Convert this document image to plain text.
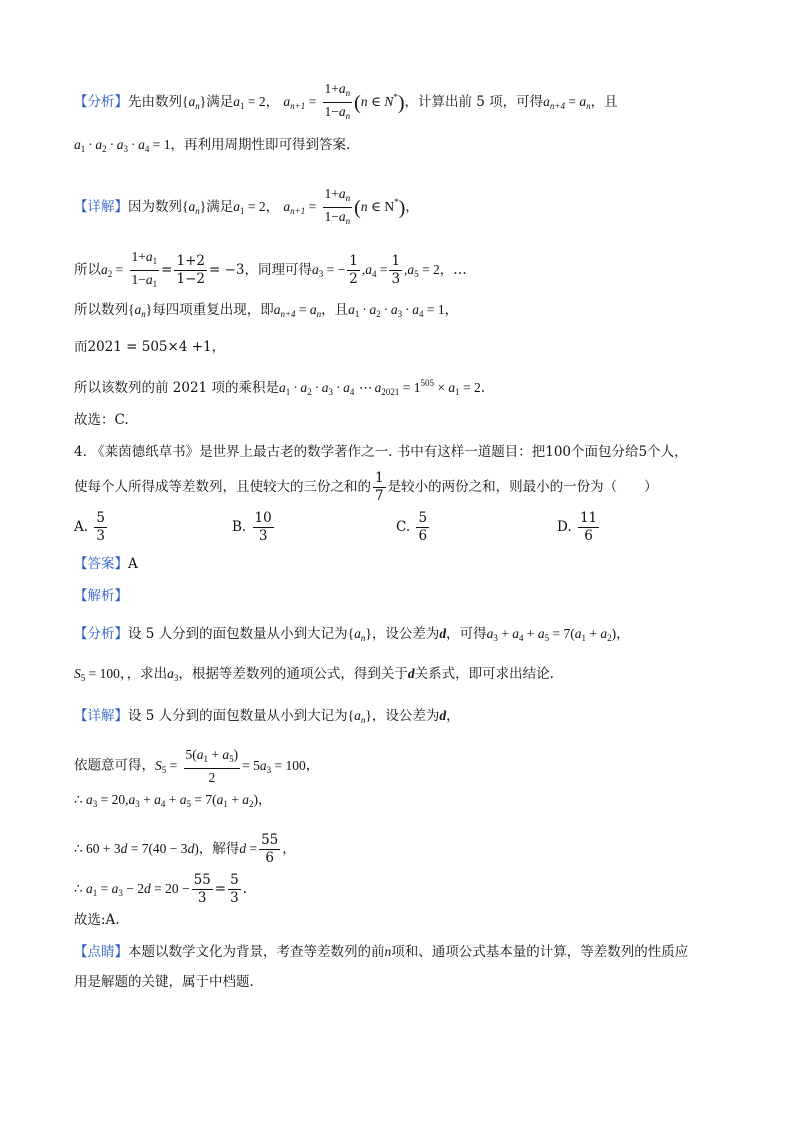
【分析】先由数列$\{a_n\}$满足$a_1 = 2$， $a_{n+1} = \frac{1+a_n}{1-a_n} (n$ ∈ N*)，计算出前 5 项，可得$a_{n+4} = a_n$，且
$a_1 \cdot a_2 \cdot a_3 \cdot a_4 = 1$，再利用周期性即可得到答案.
【详解】因为数列$\{a_n\}$满足$a_1 = 2$， $a_{n+1} = \frac{1+a_n}{1-a_n} (n$ ∈ N*)，
所以$a_2 = \frac{1+a_1}{1-a_1} = \frac{1+2}{1-2} = -3$，同理可得$a_3$ = − $\frac{1}{2} ,a_4 = \frac{1}{3} ,a_5 = 2$，…
所以数列$\{a_n\}$每四项重复出现，即$a_{n+4} = a_n$，且$a_1 \cdot a_2 \cdot a_3 \cdot a_4 = 1$，
而2021 = 505×4 +1，
所以该数列的前 2021 项的乘积是$a_1 \cdot a_2 \cdot a_3 \cdot a_4$ ⋯ $a_{2021} = 1^{505} \times a_1 = 2$.
故选：C.
4. 《莱茵德纸草书》是世界上最古老的数学著作之一. 书中有这样一道题目：把100个面包分给5个人，
使每个人所得成等差数列，且使较大的三份之和的 $\frac{1}{7}$ 是较小的两份之和，则最小的一份为（　　）
A. $\frac{5}{3}$	B. $\frac{10}{3}$	C. $\frac{5}{6}$	D. $\frac{11}{6}$
【答案】A
【解析】
【分析】设 5 人分到的面包数量从小到大记为$\{a_n\}$，设公差为d，可得$a_3 + a_4 + a_5 = 7(a_1 + a_2)$，
$S_5 = 100$，，求出$a_3$，根据等差数列的通项公式，得到关于d关系式，即可求出结论.
【详解】设 5 人分到的面包数量从小到大记为$\{a_n\}$，设公差为d，
依题意可得，$S_5 = \frac{5(a_1 + a_5)}{2} = 5a_3 = 100$，
∴ $a_3 = 20,a_3 + a_4 + a_5 = 7(a_1 + a_2)$，
∴ 60 + 3d = 7(40 − 3d)，解得$d = \frac{55}{6}$ ，
∴ $a_1 = a_3 - 2d = 20 - \frac{55}{3} = \frac{5}{3}$ .
故选:A.
【点睛】本题以数学文化为背景，考查等差数列的前n项和、通项公式基本量的计算，等差数列的性质应
用是解题的关键，属于中档题.
